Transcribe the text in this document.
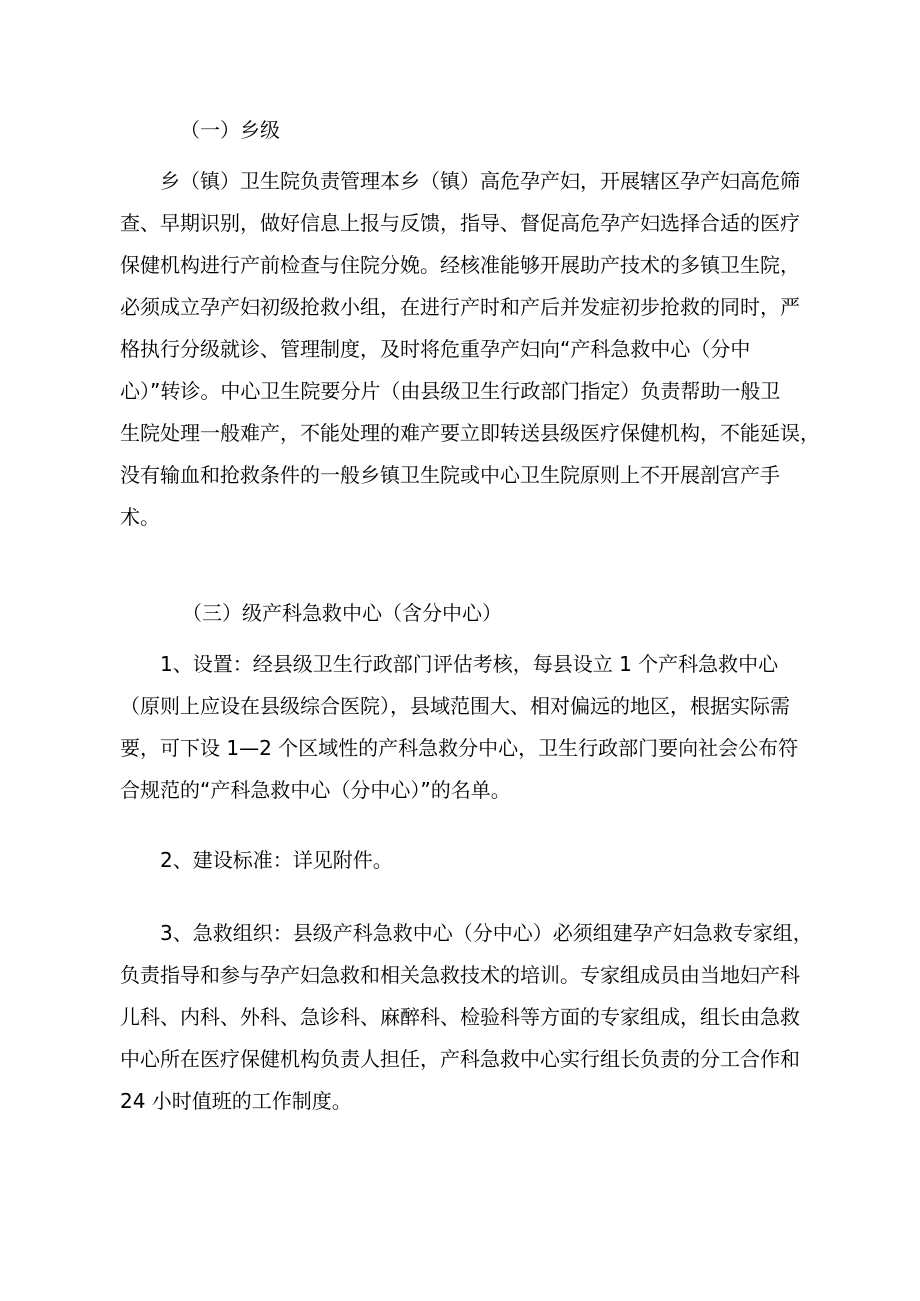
（一）乡级
乡（镇）卫生院负责管理本乡（镇）高危孕产妇，开展辖区孕产妇高危筛
查、早期识别，做好信息上报与反馈，指导、督促高危孕产妇选择合适的医疗
保健机构进行产前检查与住院分娩。经核准能够开展助产技术的多镇卫生院，
必须成立孕产妇初级抢救小组，在进行产时和产后并发症初步抢救的同时，严
格执行分级就诊、管理制度，及时将危重孕产妇向“产科急救中心（分中
心）”转诊。中心卫生院要分片（由县级卫生行政部门指定）负责帮助一般卫
生院处理一般难产，不能处理的难产要立即转送县级医疗保健机构，不能延误，
没有输血和抢救条件的一般乡镇卫生院或中心卫生院原则上不开展剖宫产手
术。
（三）级产科急救中心（含分中心）
1、设置：经县级卫生行政部门评估考核，每县设立 1 个产科急救中心
（原则上应设在县级综合医院），县域范围大、相对偏远的地区，根据实际需
要，可下设 1—2 个区域性的产科急救分中心，卫生行政部门要向社会公布符
合规范的“产科急救中心（分中心）”的名单。
2、建设标准：详见附件。
3、急救组织：县级产科急救中心（分中心）必须组建孕产妇急救专家组，
负责指导和参与孕产妇急救和相关急救技术的培训。专家组成员由当地妇产科
儿科、内科、外科、急诊科、麻醉科、检验科等方面的专家组成，组长由急救
中心所在医疗保健机构负责人担任，产科急救中心实行组长负责的分工合作和
24 小时值班的工作制度。
